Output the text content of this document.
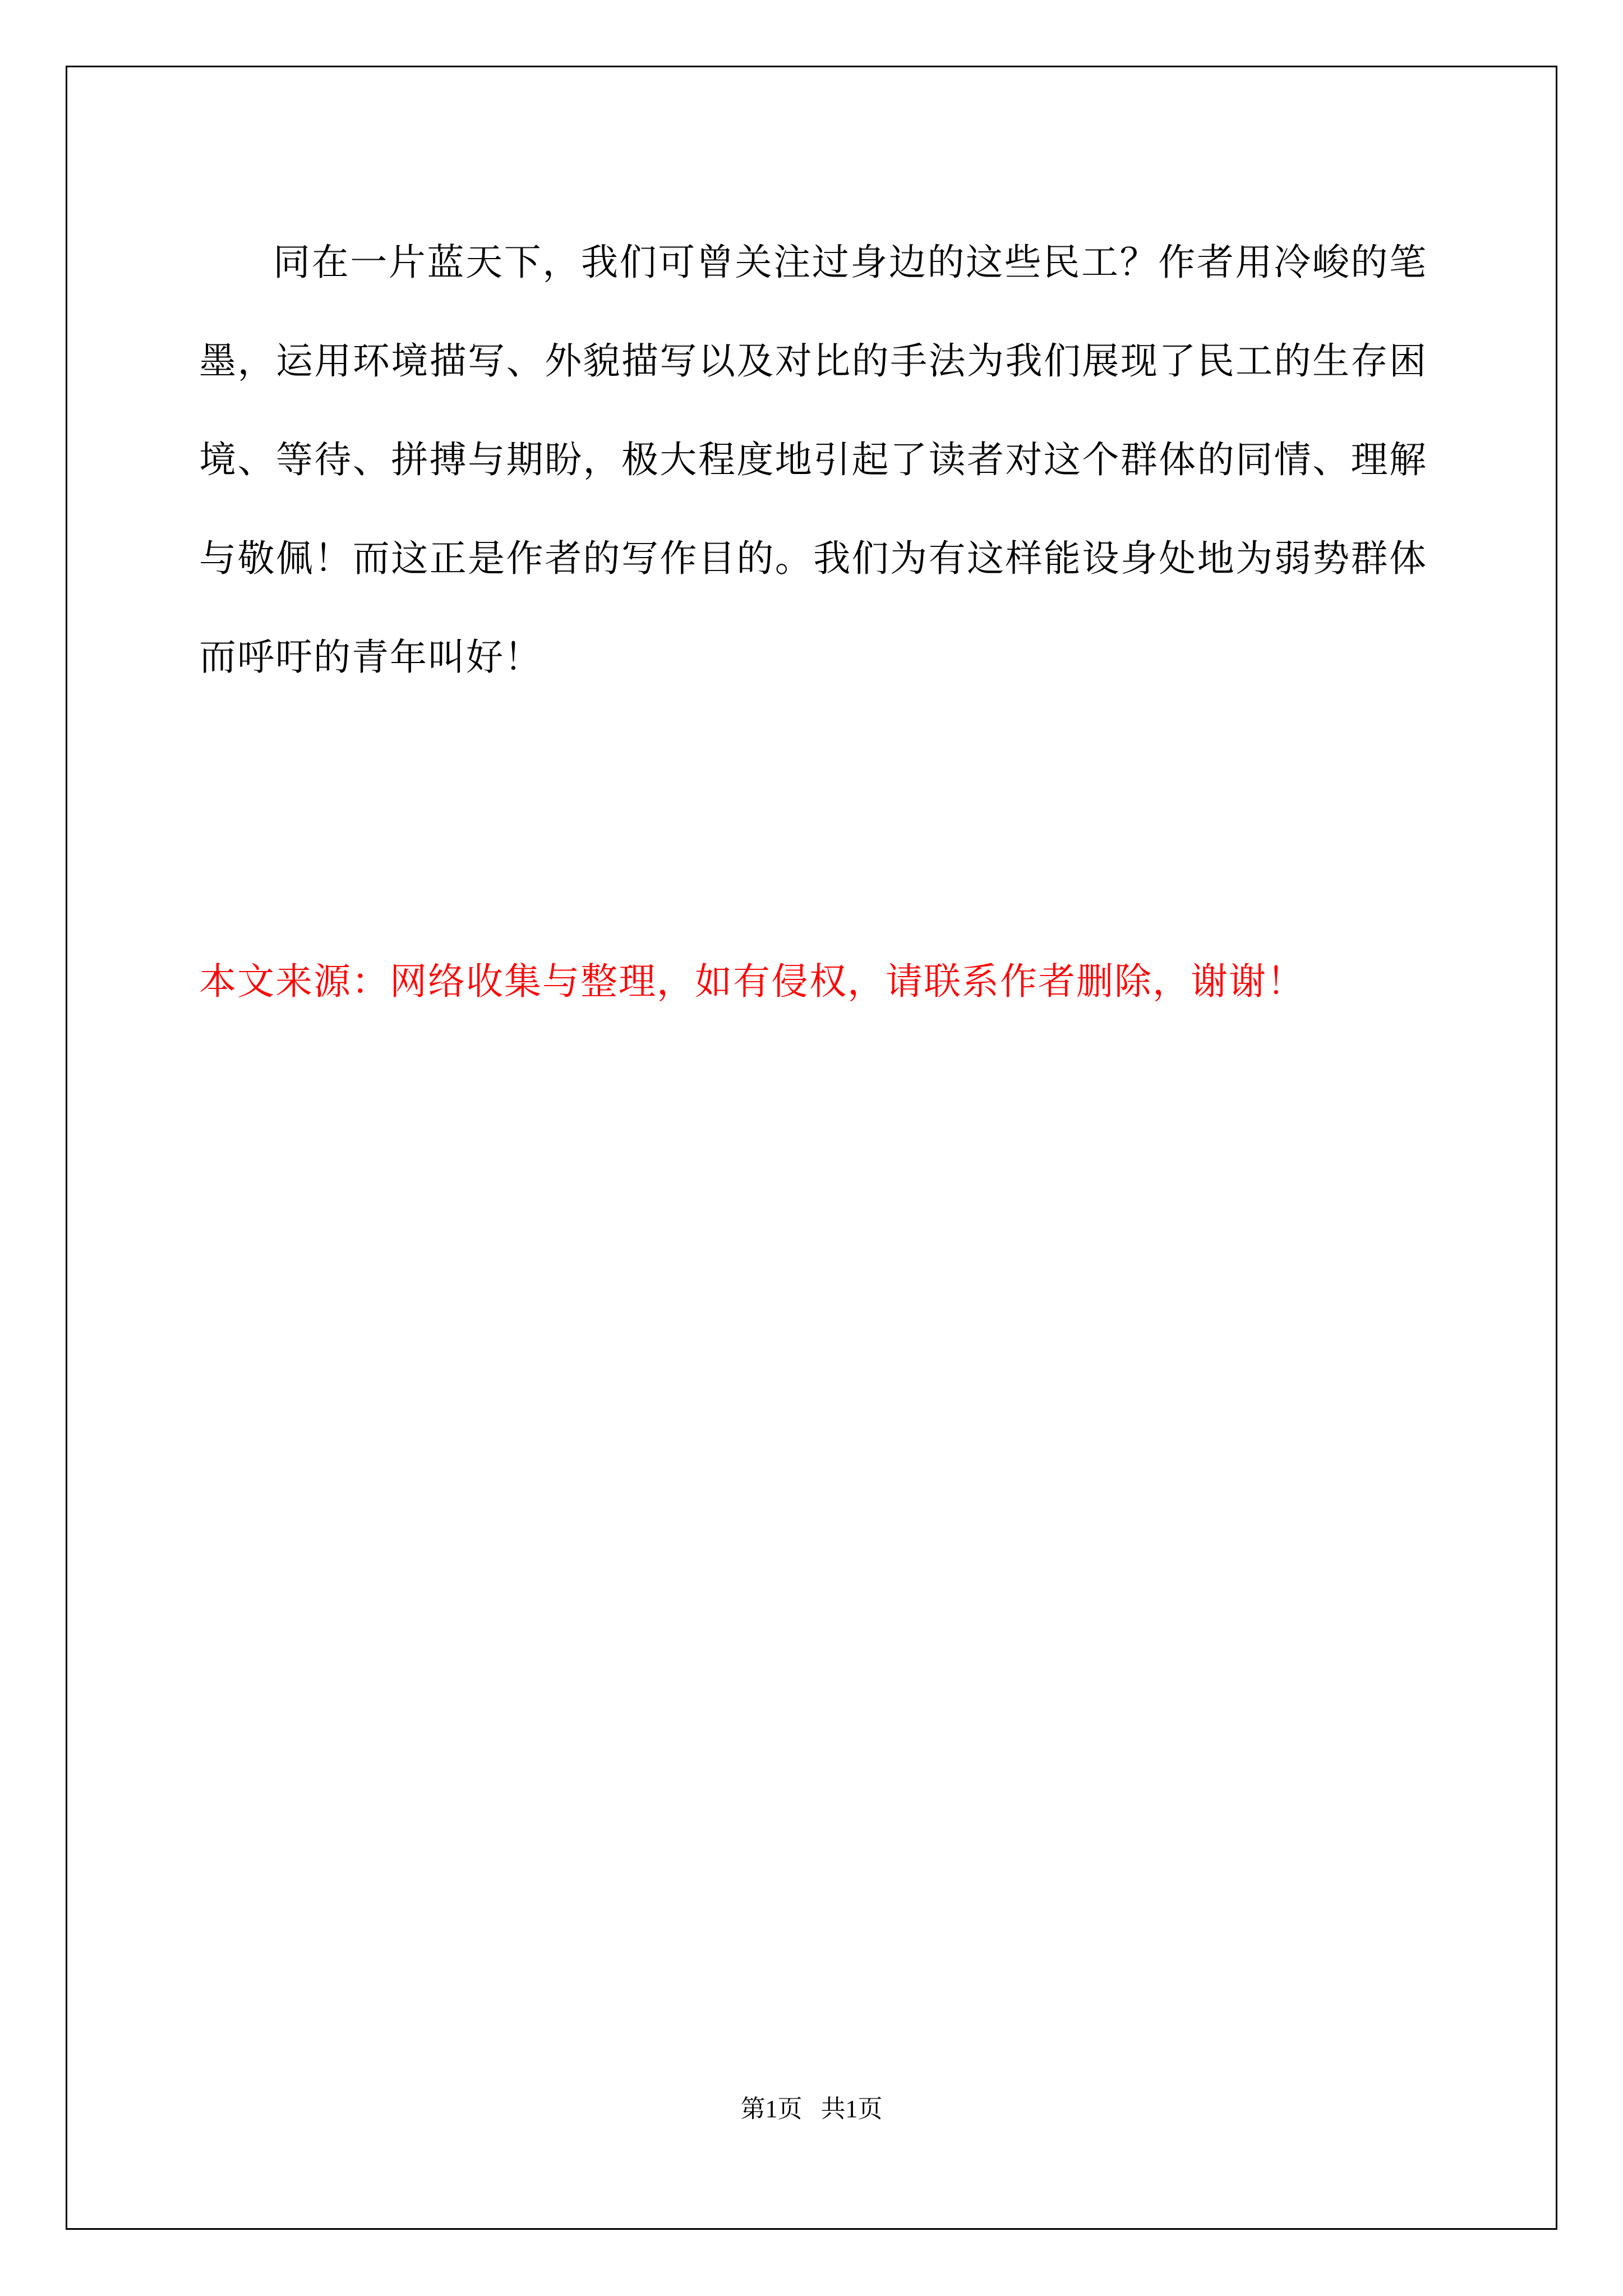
同在一片蓝天下，我们可曾关注过身边的这些民工？作者用冷峻的笔墨，运用环境描写、外貌描写以及对比的手法为我们展现了民工的生存困境、等待、拼搏与期盼，极大程度地引起了读者对这个群体的同情、理解与敬佩！而这正是作者的写作目的。我们为有这样能设身处地为弱势群体而呼吁的青年叫好！

本文来源：网络收集与整理，如有侵权，请联系作者删除，谢谢！

第1页   共1页
